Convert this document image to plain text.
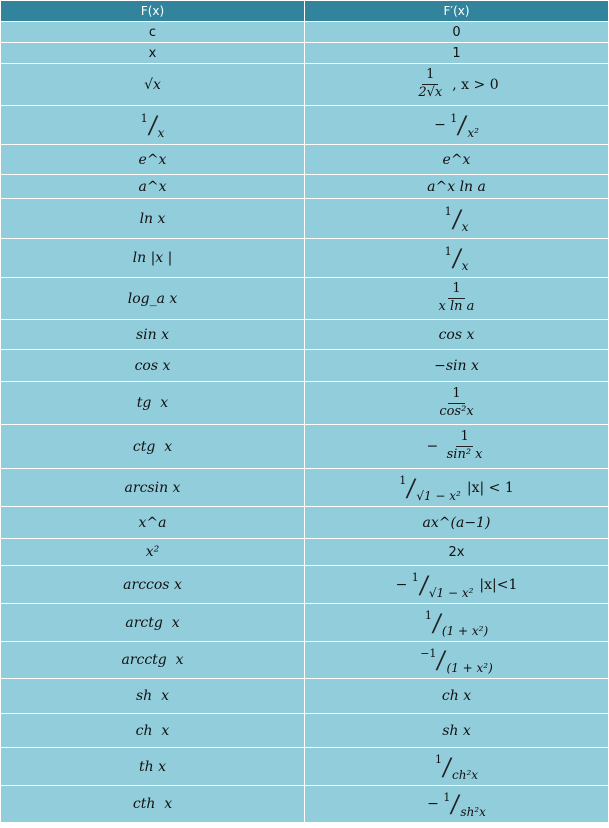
F(x)	F′(x)
c	0
x	1
√x	$\frac{1}{2√x}$ , x > 0

1 / x	− 1 / x²

e^x	e^x
a^x	a^x ln a
ln x	1 / x

ln |x |	1 / x

log_a x	$\frac{1}{\text{x ln a}}$

sin x	cos x
cos x	−sin x
tg  x	$\frac{1}{\text{cos²x}}$

ctg  x	− $\frac{1}{\text{sin² x}}$

arcsin x	1 / √1 − x² |x| < 1
x^a	ax^(a−1)
x²	2x
arccos x	− 1 / √1 − x² |x|<1
arctg  x	1 / (1 + x²)

arcctg  x	−1 / (1 + x²)

sh  x	ch x
ch  x	sh x
th x	1 / ch²x

cth  x	− 1 / sh²x
